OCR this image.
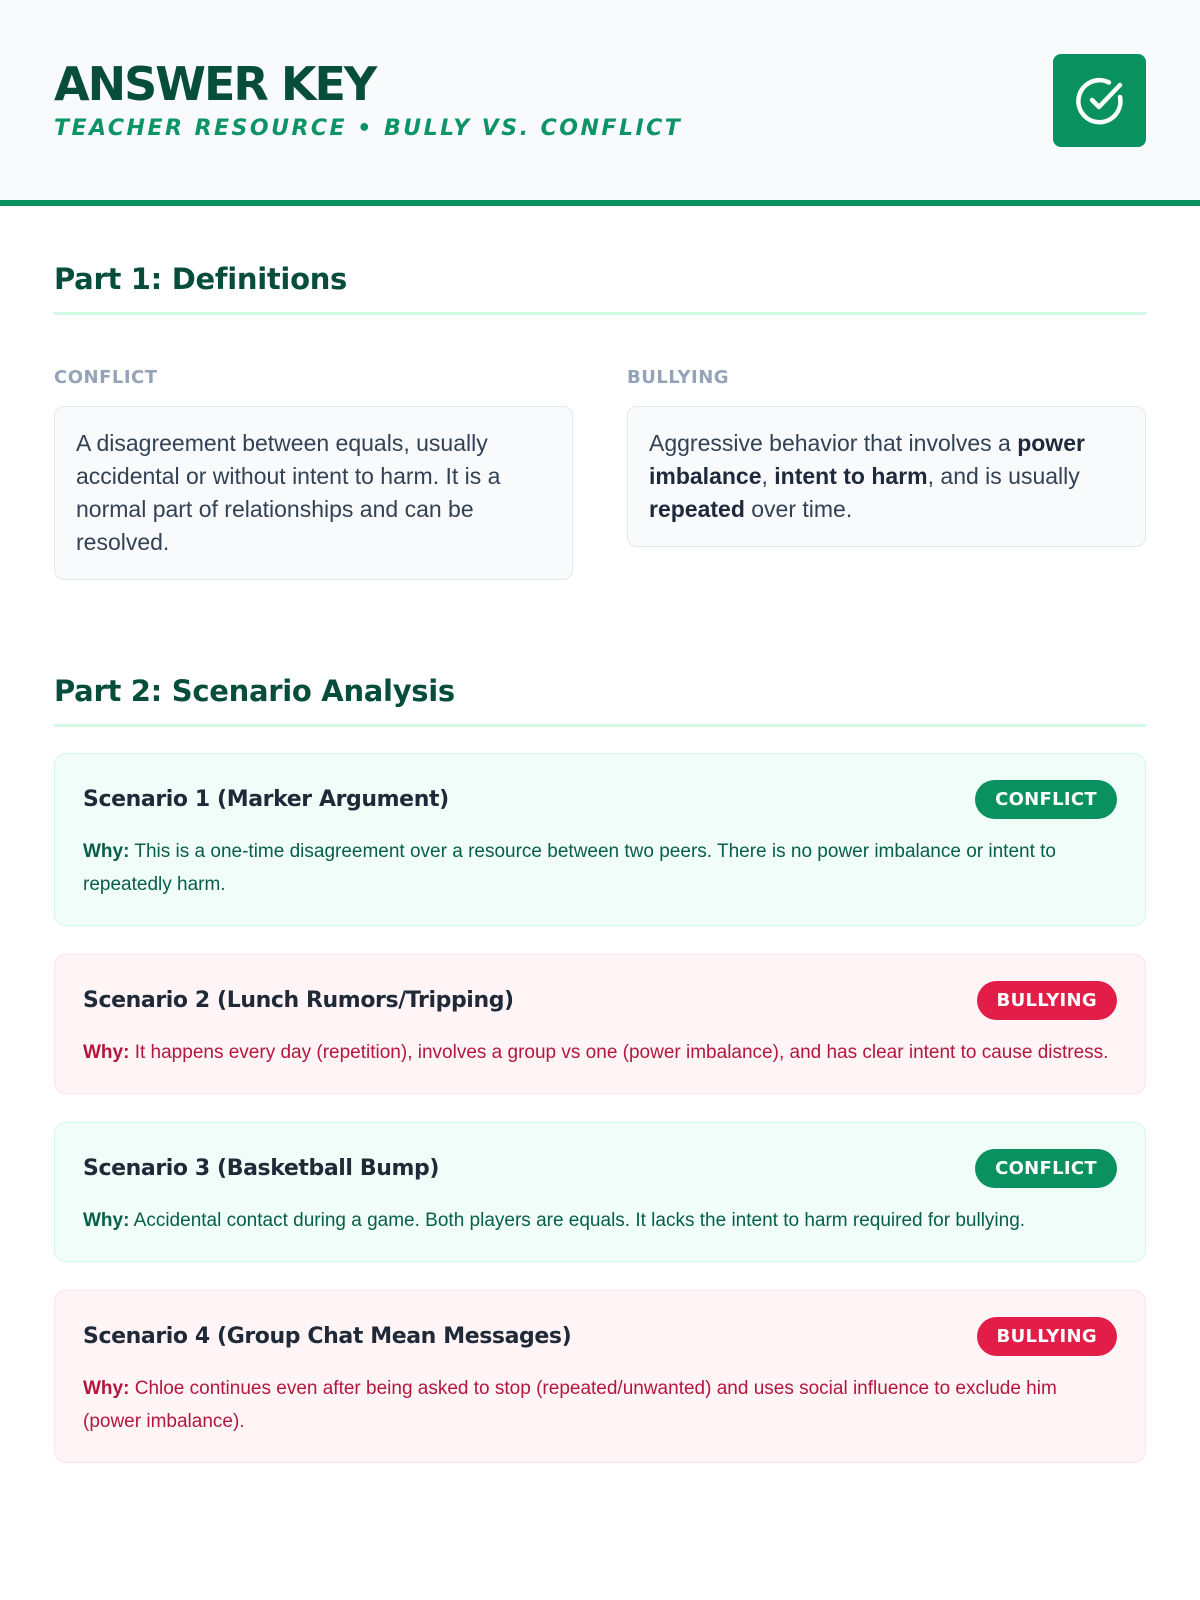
ANSWER KEY
TEACHER RESOURCE • BULLY VS. CONFLICT
Part 1: Definitions
CONFLICT
A disagreement between equals, usually accidental or without intent to harm. It is a normal part of relationships and can be resolved.
BULLYING
Aggressive behavior that involves a power imbalance, intent to harm, and is usually repeated over time.
Part 2: Scenario Analysis
Scenario 1 (Marker Argument)	CONFLICT

Why: This is a one-time disagreement over a resource between two peers. There is no power imbalance or intent to repeatedly harm.

Scenario 2 (Lunch Rumors/Tripping)	BULLYING

Why: It happens every day (repetition), involves a group vs one (power imbalance), and has clear intent to cause distress.

Scenario 3 (Basketball Bump)	CONFLICT

Why: Accidental contact during a game. Both players are equals. It lacks the intent to harm required for bullying.

Scenario 4 (Group Chat Mean Messages)	BULLYING

Why: Chloe continues even after being asked to stop (repeated/unwanted) and uses social influence to exclude him (power imbalance).
